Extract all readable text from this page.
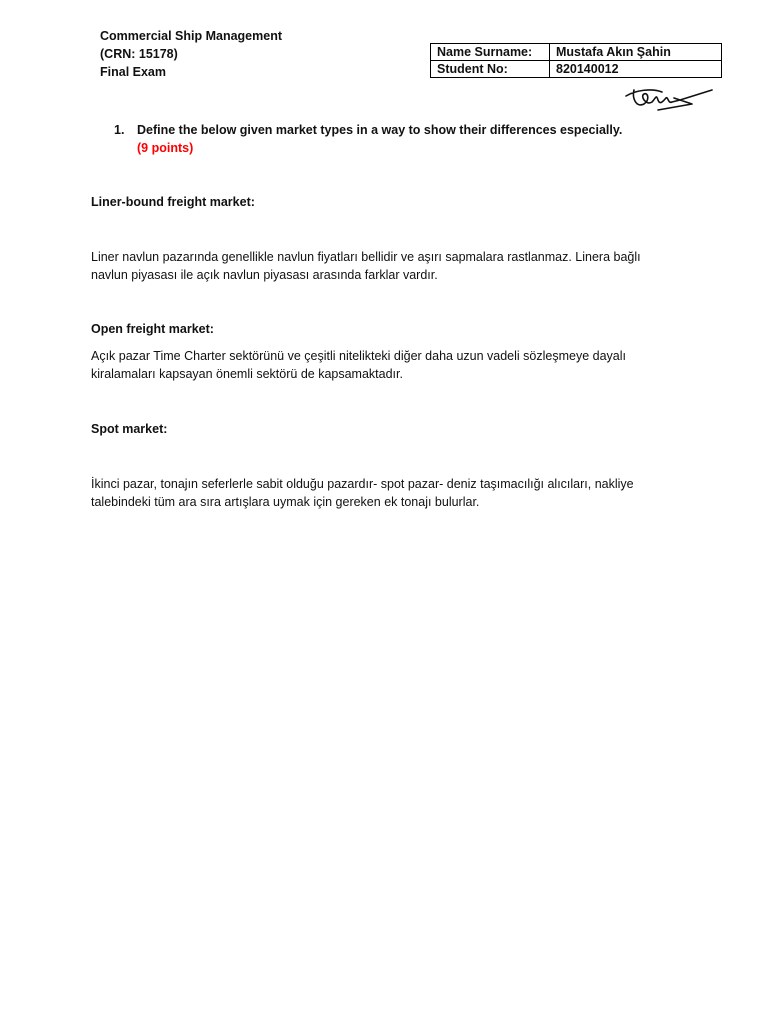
Commercial Ship Management
(CRN: 15178)
Final Exam
Name Surname:	Mustafa Akın Şahin
Student No:	820140012
1. Define the below given market types in a way to show their differences especially.
(9 points)
Liner-bound freight market:
Liner navlun pazarında genellikle navlun fiyatları bellidir ve aşırı sapmalara rastlanmaz. Linera bağlı
navlun piyasası ile açık navlun piyasası arasında farklar vardır.
Open freight market:
Açık pazar Time Charter sektörünü ve çeşitli nitelikteki diğer daha uzun vadeli sözleşmeye dayalı
kiralamaları kapsayan önemli sektörü de kapsamaktadır.
Spot market:
İkinci pazar, tonajın seferlerle sabit olduğu pazardır- spot pazar- deniz taşımacılığı alıcıları, nakliye
talebindeki tüm ara sıra artışlara uymak için gereken ek tonajı bulurlar.
